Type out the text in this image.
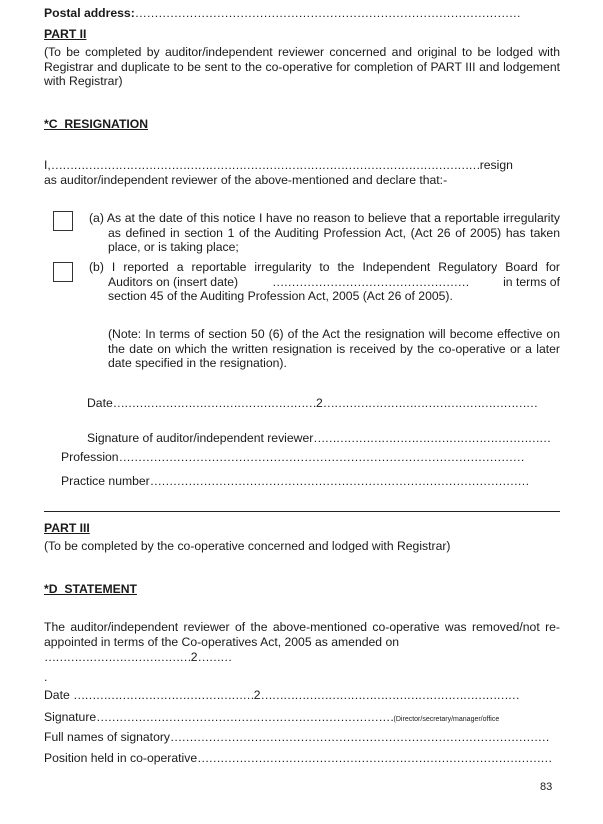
Postal address:………………………………………………………………………………………
PART II
(To be completed by auditor/independent reviewer concerned and original to be lodged with Registrar and duplicate to be sent to the co-operative for completion of PART III and lodgement with Registrar)
*C  RESIGNATION
I,……………………………………………………………………………………………………resign
as auditor/independent reviewer of the above-mentioned and declare that:-
(a) As at the date of this notice I have no reason to believe that a reportable irregularity as defined in section 1 of the Auditing Profession Act, (Act 26 of 2005) has taken place, or is taking place;
(b) I reported a reportable irregularity to the Independent Regulatory Board for
Auditors on (insert date)	……………………………………………	in terms of
section 45 of the Auditing Profession Act, 2005 (Act 26 of 2005).
(Note: In terms of section 50 (6) of the Act the resignation will become effective on the date on which the written resignation is received by the co-operative or a later date specified in the resignation).
Date………………………………………………2…………………………………………………
Signature of auditor/independent reviewer………………………………………………………
Profession……………………………………………………………………………………………
Practice number………………………………………………………………………………………
PART III
(To be completed by the co-operative concerned and lodged with Registrar)
*D  STATEMENT
The auditor/independent reviewer of the above-mentioned co-operative was removed/not re-appointed in terms of the Co-operatives Act, 2005 as amended on
…………………………………2………
.
Date …………………………………………2……………………………………………………………
Signature……………………………………………………………………(Director/secretary/manager/office
Full names of signatory………………………………………………………………………………………
Position held in co-operative…………………………………………………………………………………
83
